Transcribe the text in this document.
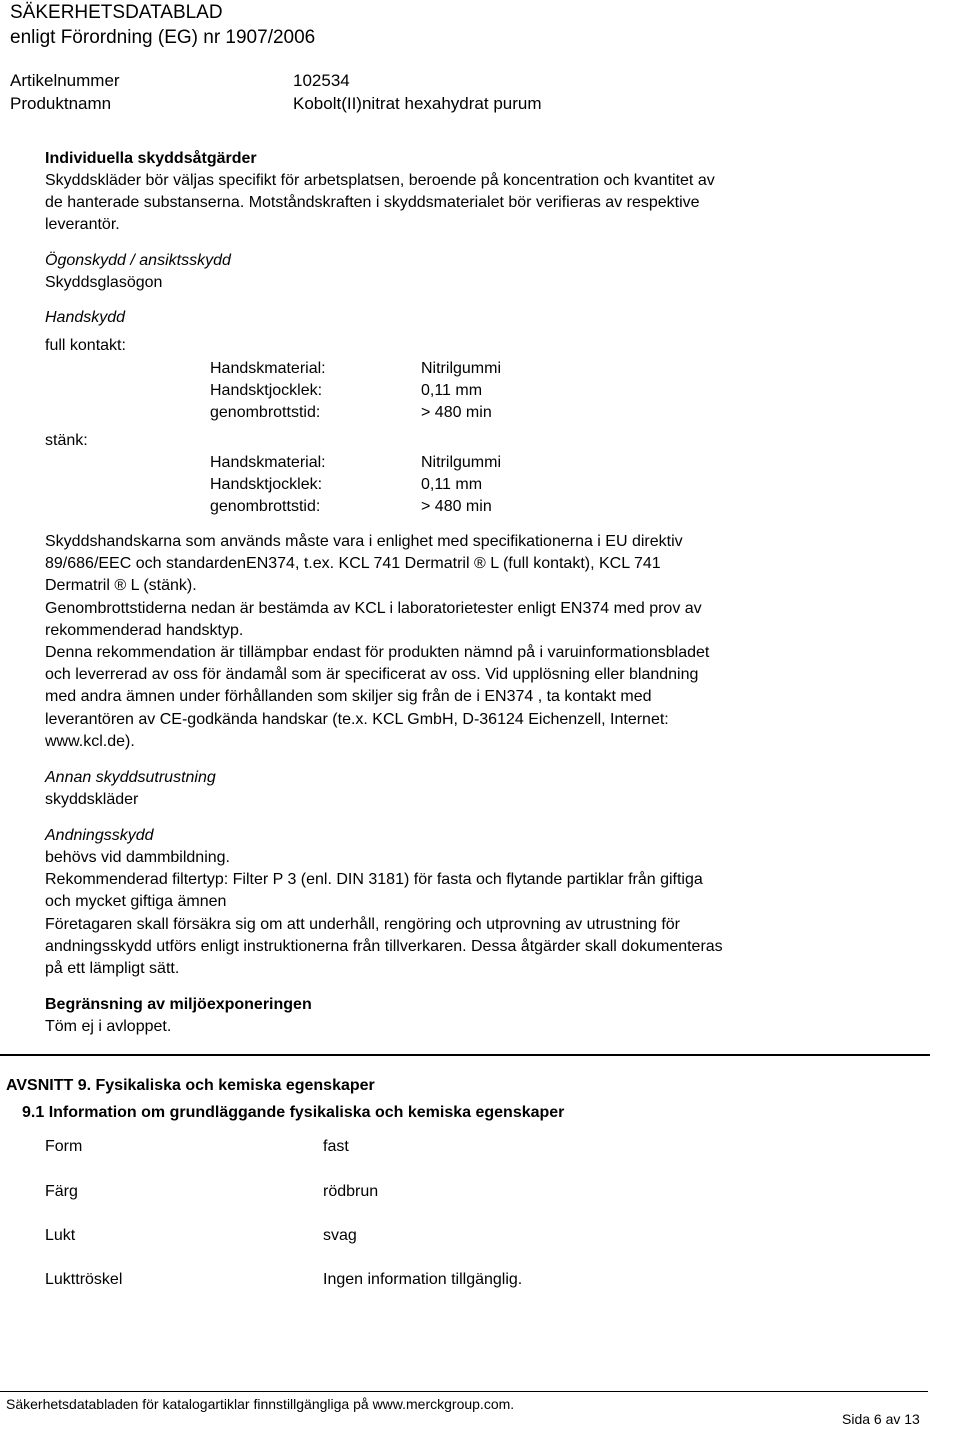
SÄKERHETSDATABLAD
enligt Förordning (EG) nr 1907/2006
Artikelnummer	102534
Produktnamn	Kobolt(II)nitrat hexahydrat purum
Individuella skyddsåtgärder
Skyddskläder bör väljas specifikt för arbetsplatsen, beroende på koncentration och kvantitet av
de hanterade substanserna. Motståndskraften i skyddsmaterialet bör verifieras av respektive
leverantör.
Ögonskydd / ansiktsskydd
Skyddsglasögon
Handskydd
full kontakt:
Handskmaterial:	Nitrilgummi
Handsktjocklek:	0,11 mm
genombrottstid:	> 480 min
stänk:
Handskmaterial:	Nitrilgummi
Handsktjocklek:	0,11 mm
genombrottstid:	> 480 min
Skyddshandskarna som används måste vara i enlighet med specifikationerna i EU direktiv
89/686/EEC och standardenEN374, t.ex. KCL 741 Dermatril ® L (full kontakt), KCL 741
Dermatril ® L (stänk).
Genombrottstiderna nedan är bestämda av KCL i laboratorietester enligt EN374 med prov av
rekommenderad handsktyp.
Denna rekommendation är tillämpbar endast för produkten nämnd på i varuinformationsbladet
och leverrerad av oss för ändamål som är specificerat av oss. Vid upplösning eller blandning
med andra ämnen under förhållanden som skiljer sig från de i EN374 , ta kontakt med
leverantören av CE-godkända handskar (te.x. KCL GmbH, D-36124 Eichenzell, Internet:
www.kcl.de).
Annan skyddsutrustning
skyddskläder
Andningsskydd
behövs vid dammbildning.
Rekommenderad filtertyp: Filter P 3 (enl. DIN 3181) för fasta och flytande partiklar från giftiga
och mycket giftiga ämnen
Företagaren skall försäkra sig om att underhåll, rengöring och utprovning av utrustning för
andningsskydd utförs enligt instruktionerna från tillverkaren. Dessa åtgärder skall dokumenteras
på ett lämpligt sätt.
Begränsning av miljöexponeringen
Töm ej i avloppet.
AVSNITT 9. Fysikaliska och kemiska egenskaper
9.1 Information om grundläggande fysikaliska och kemiska egenskaper
Form	fast
Färg	rödbrun
Lukt	svag
Lukttröskel	Ingen information tillgänglig.
Säkerhetsdatabladen för katalogartiklar finnstillgängliga på www.merckgroup.com.
Sida 6 av 13
